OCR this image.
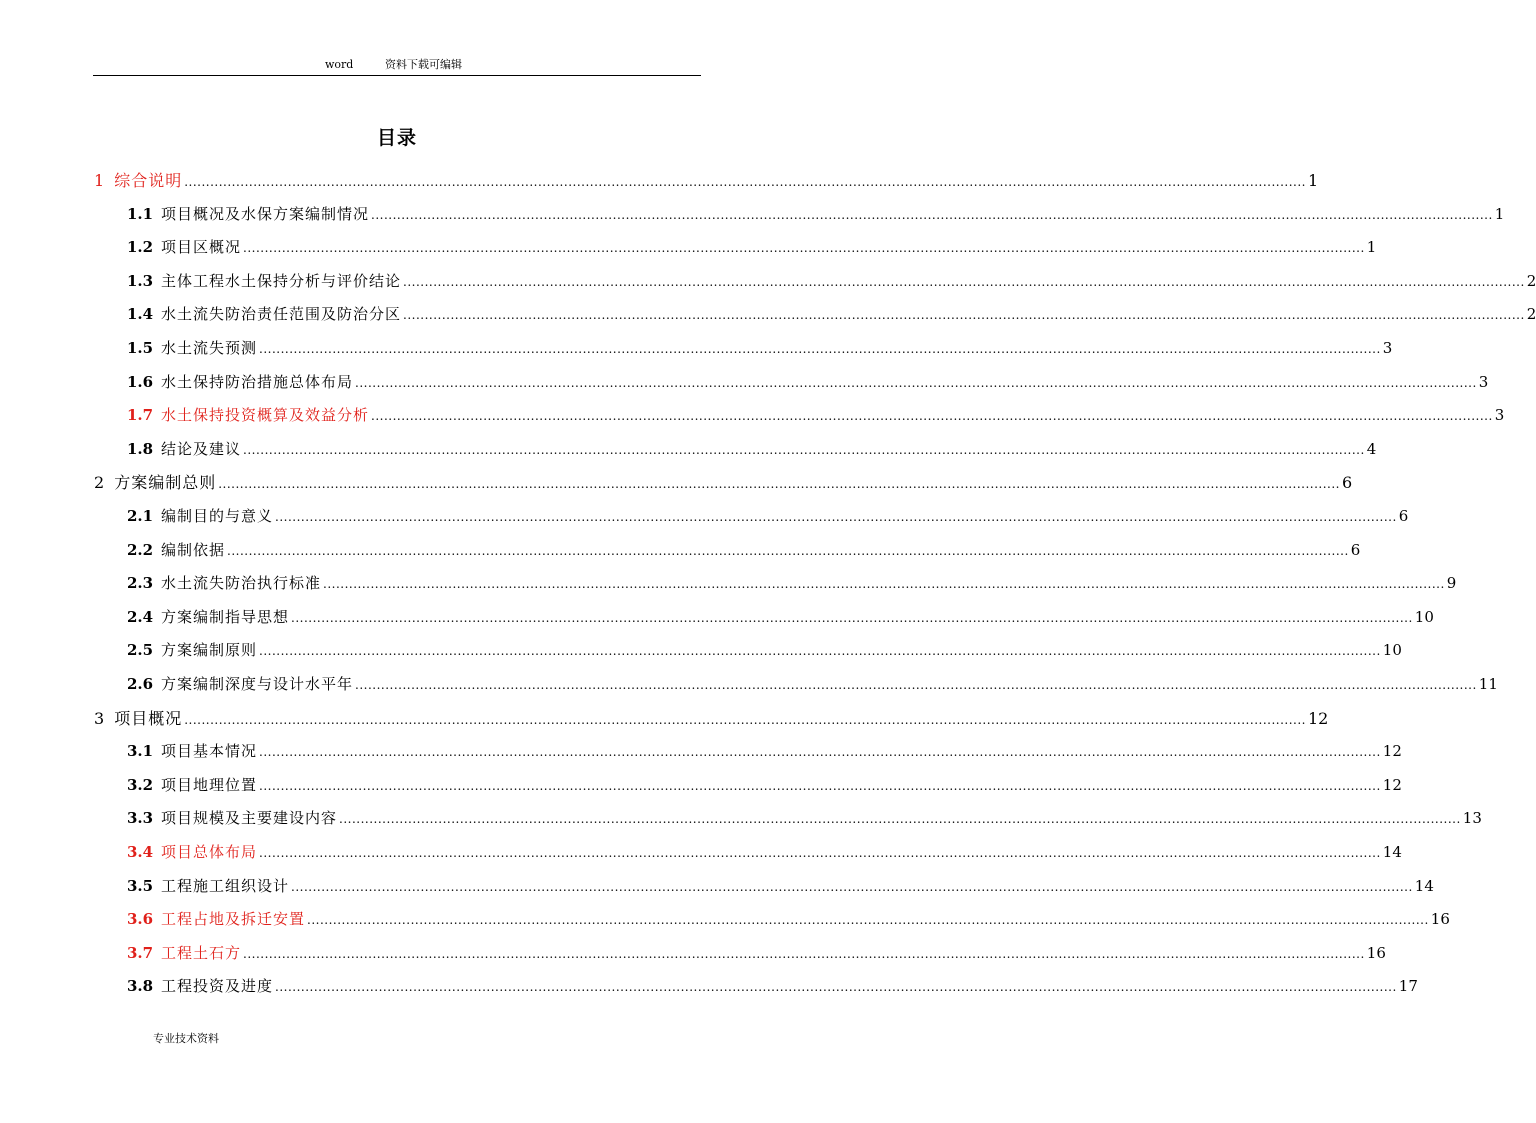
word	资料下载可编辑
目录
1 综合说明 .................................................................................................................................................................................................................................................................... 1
1.1 项目概况及水保方案编制情况 .................................................................................................................................................................................................................................................................... 1
1.2 项目区概况 .................................................................................................................................................................................................................................................................... 1
1.3 主体工程水土保持分析与评价结论 .................................................................................................................................................................................................................................................................... 2
1.4 水土流失防治责任范围及防治分区 .................................................................................................................................................................................................................................................................... 2
1.5 水土流失预测 .................................................................................................................................................................................................................................................................... 3
1.6 水土保持防治措施总体布局 .................................................................................................................................................................................................................................................................... 3
1.7 水土保持投资概算及效益分析 .................................................................................................................................................................................................................................................................... 3
1.8 结论及建议 .................................................................................................................................................................................................................................................................... 4
2 方案编制总则 .................................................................................................................................................................................................................................................................... 6
2.1 编制目的与意义 .................................................................................................................................................................................................................................................................... 6
2.2 编制依据 .................................................................................................................................................................................................................................................................... 6
2.3 水土流失防治执行标准 .................................................................................................................................................................................................................................................................... 9
2.4 方案编制指导思想 .................................................................................................................................................................................................................................................................... 10
2.5 方案编制原则 .................................................................................................................................................................................................................................................................... 10
2.6 方案编制深度与设计水平年 .................................................................................................................................................................................................................................................................... 11
3 项目概况 .................................................................................................................................................................................................................................................................... 12
3.1 项目基本情况 .................................................................................................................................................................................................................................................................... 12
3.2 项目地理位置 .................................................................................................................................................................................................................................................................... 12
3.3 项目规模及主要建设内容 .................................................................................................................................................................................................................................................................... 13
3.4 项目总体布局 .................................................................................................................................................................................................................................................................... 14
3.5 工程施工组织设计 .................................................................................................................................................................................................................................................................... 14
3.6 工程占地及拆迁安置 .................................................................................................................................................................................................................................................................... 16
3.7 工程土石方 .................................................................................................................................................................................................................................................................... 16
3.8 工程投资及进度 .................................................................................................................................................................................................................................................................... 17
专业技术资料
